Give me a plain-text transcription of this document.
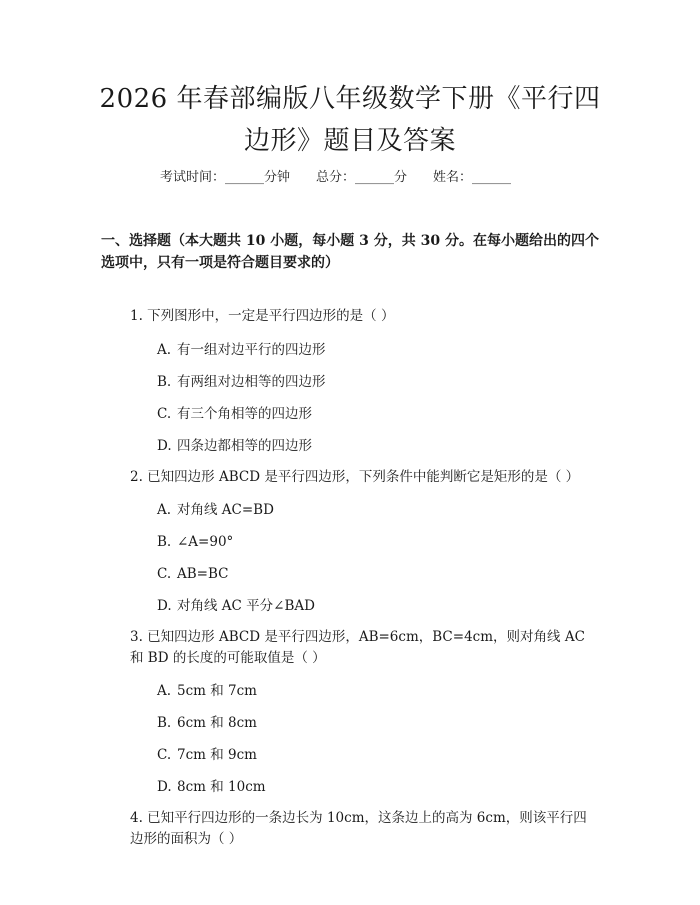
2026 年春部编版八年级数学下册《平行四边形》题目及答案
考试时间：______分钟 总分：______分 姓名：______
一、选择题（本大题共 10 小题，每小题 3 分，共 30 分。在每小题给出的四个选项中，只有一项是符合题目要求的）
1. 下列图形中，一定是平行四边形的是（ ）
A. 有一组对边平行的四边形
B. 有两组对边相等的四边形
C. 有三个角相等的四边形
D. 四条边都相等的四边形
2. 已知四边形 ABCD 是平行四边形，下列条件中能判断它是矩形的是（ ）
A. 对角线 AC=BD
B. ∠A=90°
C. AB=BC
D. 对角线 AC 平分∠BAD
3. 已知四边形 ABCD 是平行四边形，AB=6cm，BC=4cm，则对角线 AC 和 BD 的长度的可能取值是（ ）
A. 5cm 和 7cm
B. 6cm 和 8cm
C. 7cm 和 9cm
D. 8cm 和 10cm
4. 已知平行四边形的一条边长为 10cm，这条边上的高为 6cm，则该平行四边形的面积为（ ）
